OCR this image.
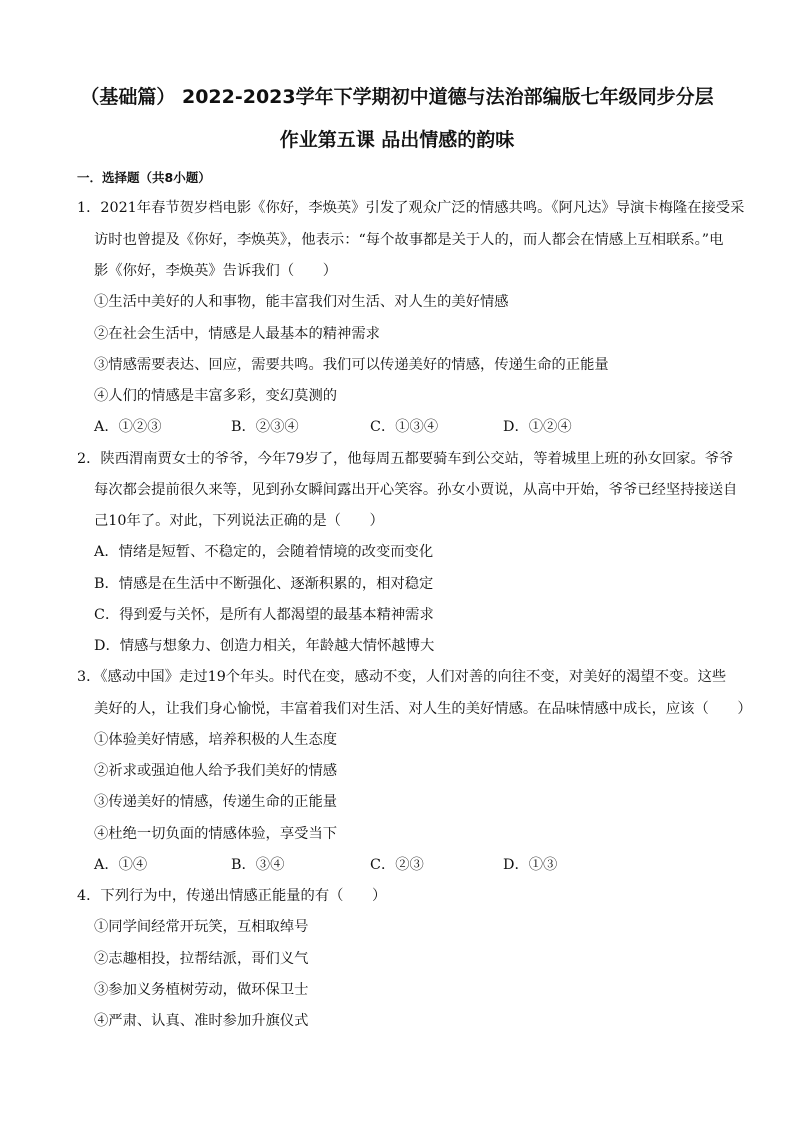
（基础篇） 2022-2023学年下学期初中道德与法治部编版七年级同步分层
作业第五课 品出情感的韵味
一．选择题（共8小题）
1．2021年春节贺岁档电影《你好，李焕英》引发了观众广泛的情感共鸣。《阿凡达》导演卡梅隆在接受采
访时也曾提及《你好，李焕英》，他表示：“每个故事都是关于人的，而人都会在情感上互相联系。”电
影《你好，李焕英》告诉我们（　　）
①生活中美好的人和事物，能丰富我们对生活、对人生的美好情感
②在社会生活中，情感是人最基本的精神需求
③情感需要表达、回应，需要共鸣。我们可以传递美好的情感，传递生命的正能量
④人们的情感是丰富多彩，变幻莫测的
A．①②③	B．②③④	C．①③④	D．①②④
2．陕西渭南贾女士的爷爷，今年79岁了，他每周五都要骑车到公交站，等着城里上班的孙女回家。爷爷
每次都会提前很久来等，见到孙女瞬间露出开心笑容。孙女小贾说，从高中开始，爷爷已经坚持接送自
己10年了。对此，下列说法正确的是（　　）
A．情绪是短暂、不稳定的，会随着情境的改变而变化
B．情感是在生活中不断强化、逐渐积累的，相对稳定
C．得到爱与关怀，是所有人都渴望的最基本精神需求
D．情感与想象力、创造力相关，年龄越大情怀越博大
3．《感动中国》走过19个年头。时代在变，感动不变，人们对善的向往不变，对美好的渴望不变。这些
美好的人，让我们身心愉悦，丰富着我们对生活、对人生的美好情感。在品味情感中成长，应该（　　）
①体验美好情感，培养积极的人生态度
②祈求或强迫他人给予我们美好的情感
③传递美好的情感，传递生命的正能量
④杜绝一切负面的情感体验，享受当下
A．①④	B．③④	C．②③	D．①③
4．下列行为中，传递出情感正能量的有（　　）
①同学间经常开玩笑，互相取绰号
②志趣相投，拉帮结派，哥们义气
③参加义务植树劳动，做环保卫士
④严肃、认真、准时参加升旗仪式
